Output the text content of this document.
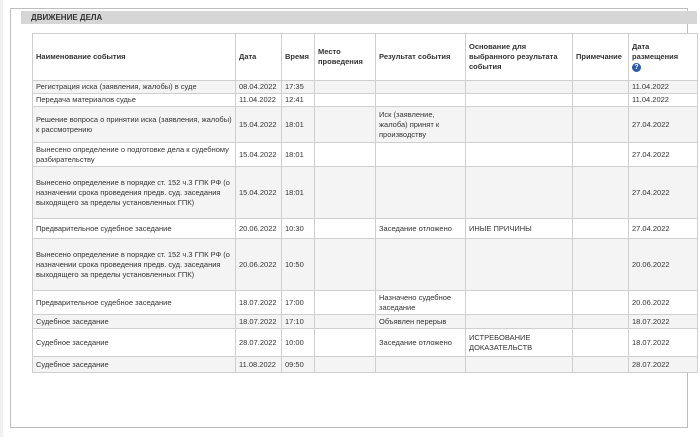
ДВИЖЕНИЕ ДЕЛА
Наименование события	Дата	Время	Место проведения	Результат события	Основание для выбранного результата события	Примечание	Дата размещения
?
Регистрация иска (заявления, жалобы) в суде	08.04.2022	17:35					11.04.2022
Передача материалов судье	11.04.2022	12:41					11.04.2022
Решение вопроса о принятии иска (заявления, жалобы) к рассмотрению	15.04.2022	18:01		Иск (заявление, жалоба) принят к производству			27.04.2022
Вынесено определение о подготовке дела к судебному разбирательству	15.04.2022	18:01					27.04.2022
Вынесено определение в порядке ст. 152 ч.3 ГПК РФ (о назначении срока проведения предв. суд. заседания выходящего за пределы установленных ГПК)	15.04.2022	18:01					27.04.2022
Предварительное судебное заседание	20.06.2022	10:30		Заседание отложено	ИНЫЕ ПРИЧИНЫ		27.04.2022
Вынесено определение в порядке ст. 152 ч.3 ГПК РФ (о назначении срока проведения предв. суд. заседания выходящего за пределы установленных ГПК)	20.06.2022	10:50					20.06.2022
Предварительное судебное заседание	18.07.2022	17:00		Назначено судебное заседание			20.06.2022
Судебное заседание	18.07.2022	17:10		Объявлен перерыв			18.07.2022
Судебное заседание	28.07.2022	10:00		Заседание отложено	ИСТРЕБОВАНИЕ ДОКАЗАТЕЛЬСТВ		18.07.2022
Судебное заседание	11.08.2022	09:50					28.07.2022
